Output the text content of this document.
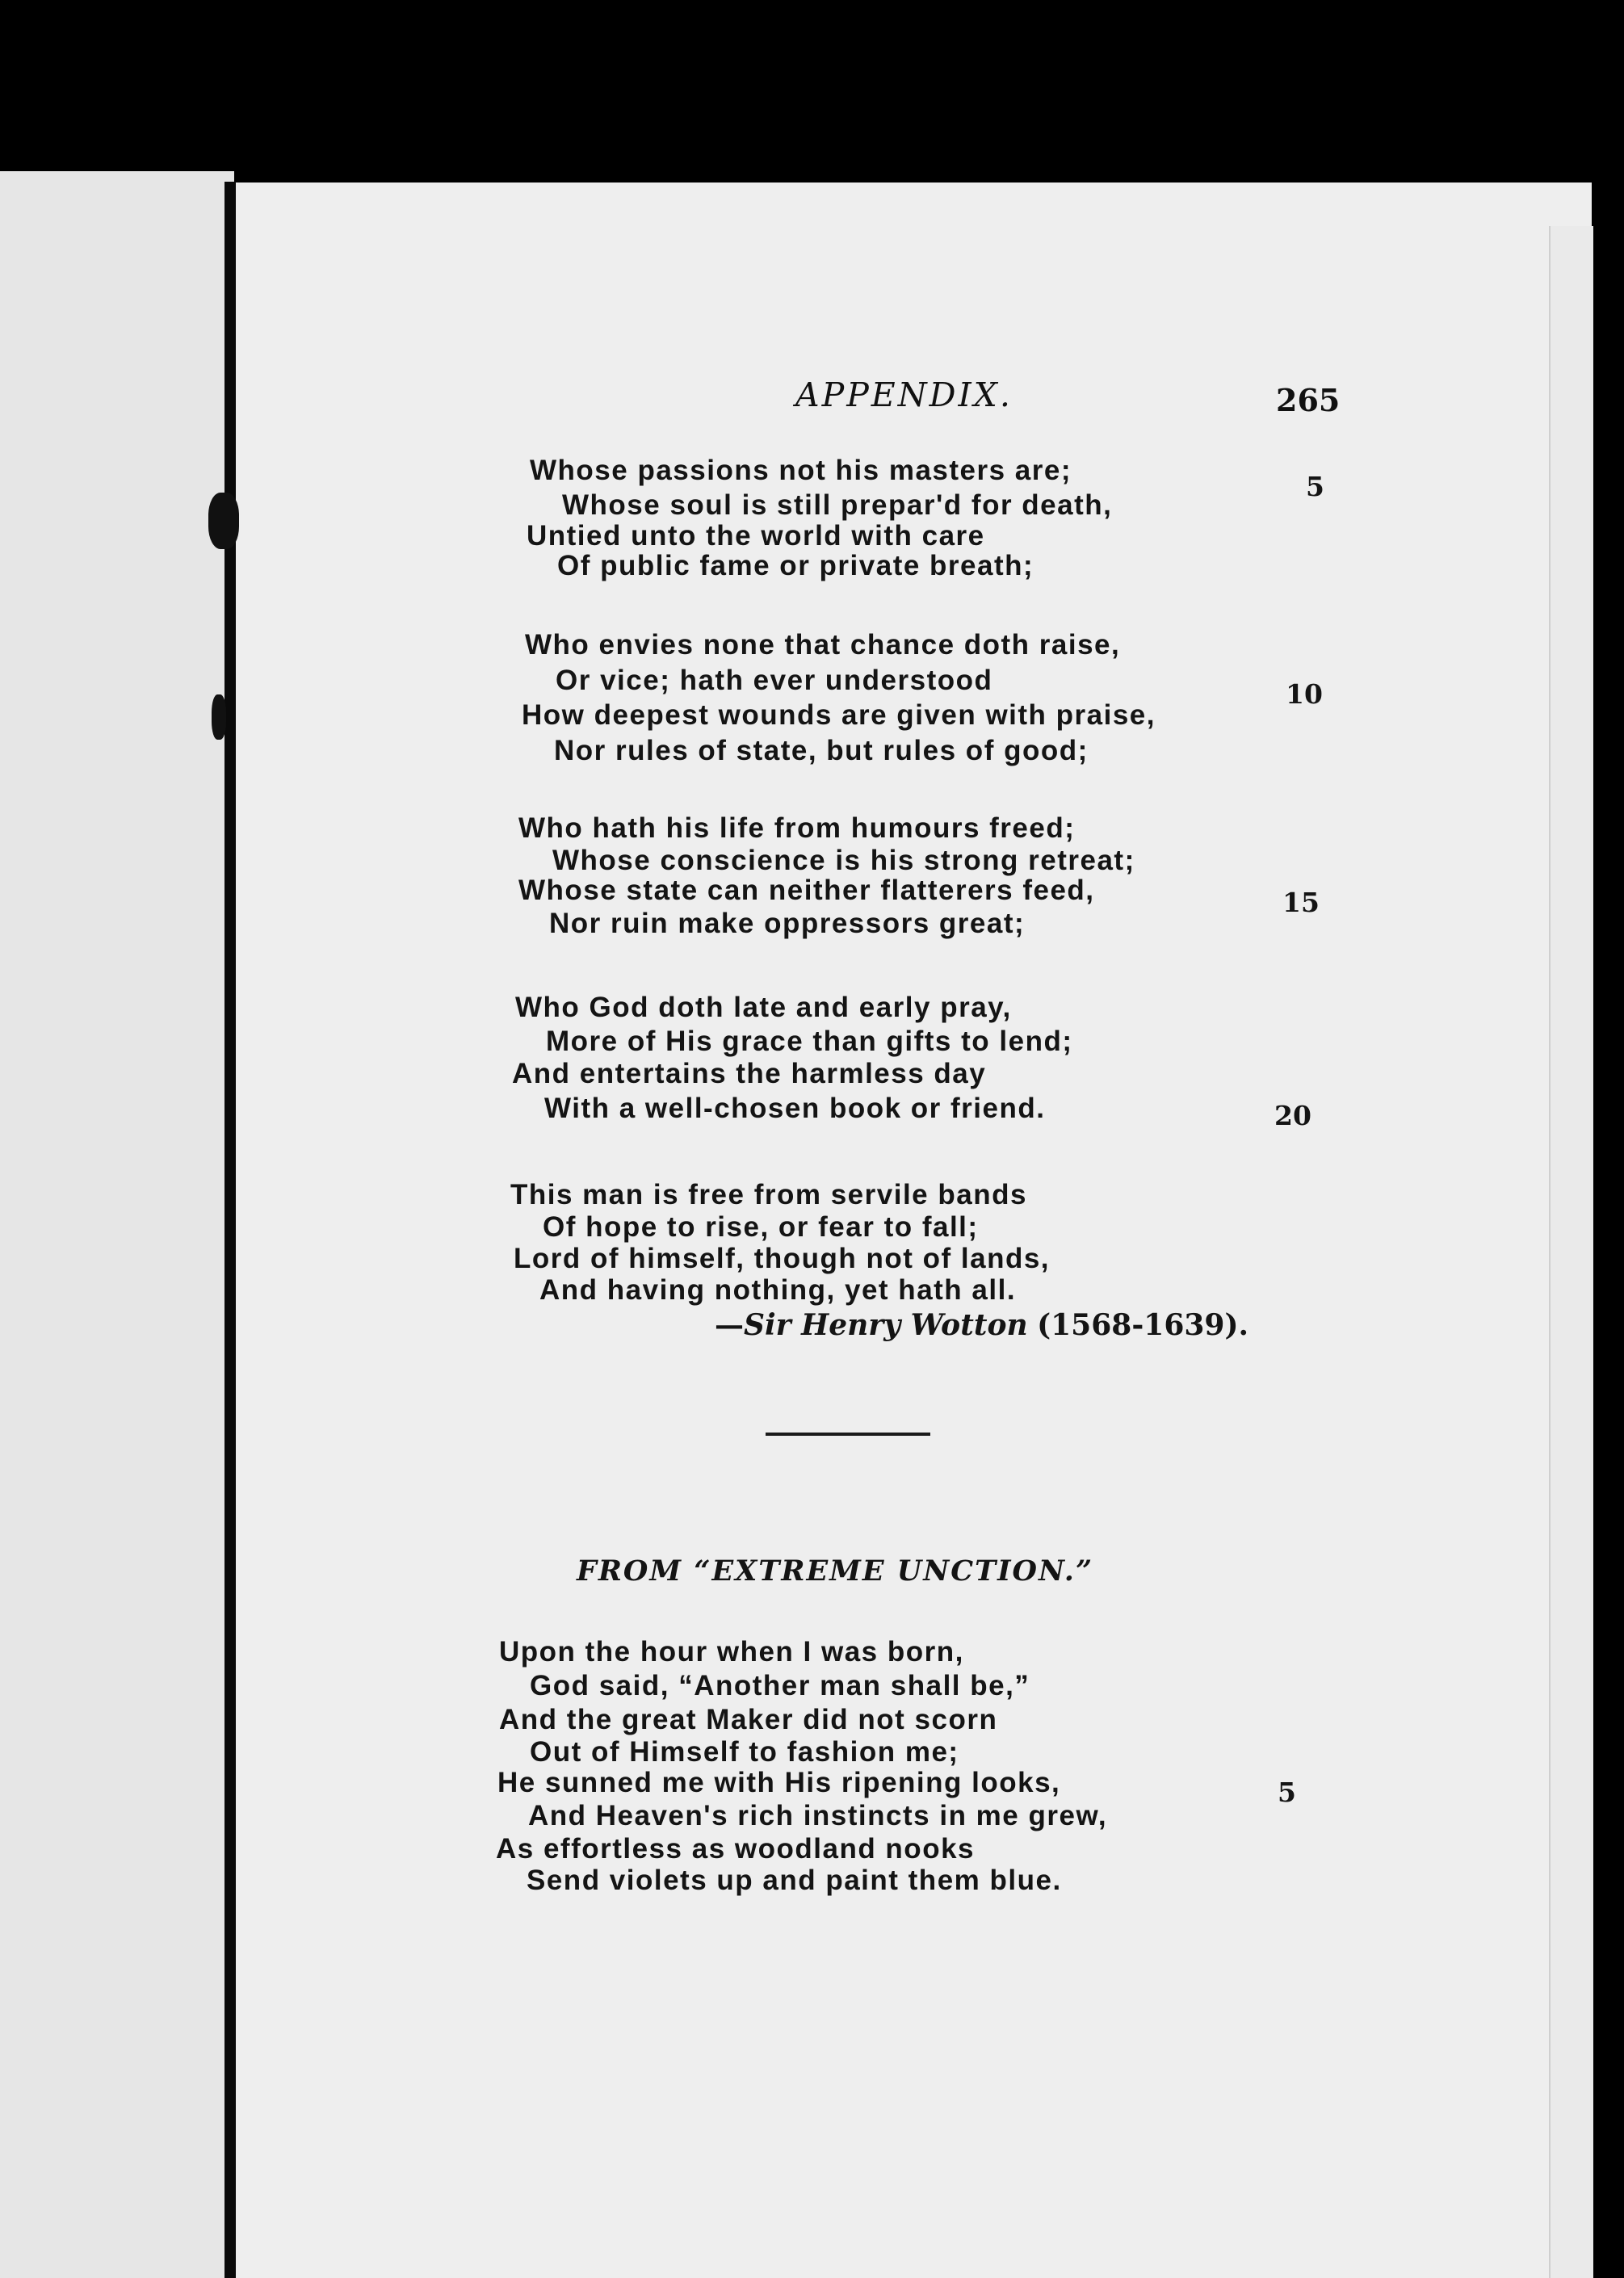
APPENDIX.	265
Whose passions not his masters are;
Whose soul is still prepar'd for death,
Untied unto the world with care
Of public fame or private breath;
Who envies none that chance doth raise,
Or vice; hath ever understood
How deepest wounds are given with praise,
Nor rules of state, but rules of good;
Who hath his life from humours freed;
Whose conscience is his strong retreat;
Whose state can neither flatterers feed,
Nor ruin make oppressors great;
Who God doth late and early pray,
More of His grace than gifts to lend;
And entertains the harmless day
With a well-chosen book or friend.
This man is free from servile bands
Of hope to rise, or fear to fall;
Lord of himself, though not of lands,
And having nothing, yet hath all.
5
10
15
20
—Sir Henry Wotton (1568-1639).
FROM “EXTREME UNCTION.”
Upon the hour when I was born,
God said, “Another man shall be,”
And the great Maker did not scorn
Out of Himself to fashion me;
He sunned me with His ripening looks,
And Heaven's rich instincts in me grew,
As effortless as woodland nooks
Send violets up and paint them blue.
5
